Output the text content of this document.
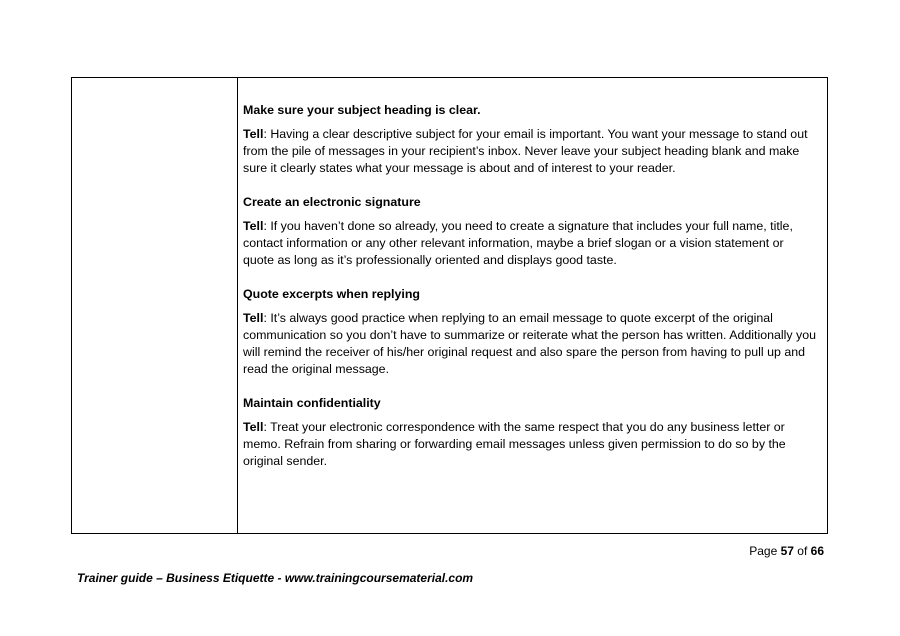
Make sure your subject heading is clear.

Tell: Having a clear descriptive subject for your email is important. You want your message to stand out from the pile of messages in your recipient’s inbox. Never leave your subject heading blank and make sure it clearly states what your message is about and of interest to your reader.

Create an electronic signature

Tell: If you haven’t done so already, you need to create a signature that includes your full name, title, contact information or any other relevant information, maybe a brief slogan or a vision statement or quote as long as it’s professionally oriented and displays good taste.

Quote excerpts when replying

Tell: It’s always good practice when replying to an email message to quote excerpt of the original communication so you don’t have to summarize or reiterate what the person has written. Additionally you will remind the receiver of his/her original request and also spare the person from having to pull up and read the original message.

Maintain confidentiality

Tell: Treat your electronic correspondence with the same respect that you do any business letter or memo. Refrain from sharing or forwarding email messages unless given permission to do so by the original sender.

Page 57 of 66
Trainer guide – Business Etiquette - www.trainingcoursematerial.com
